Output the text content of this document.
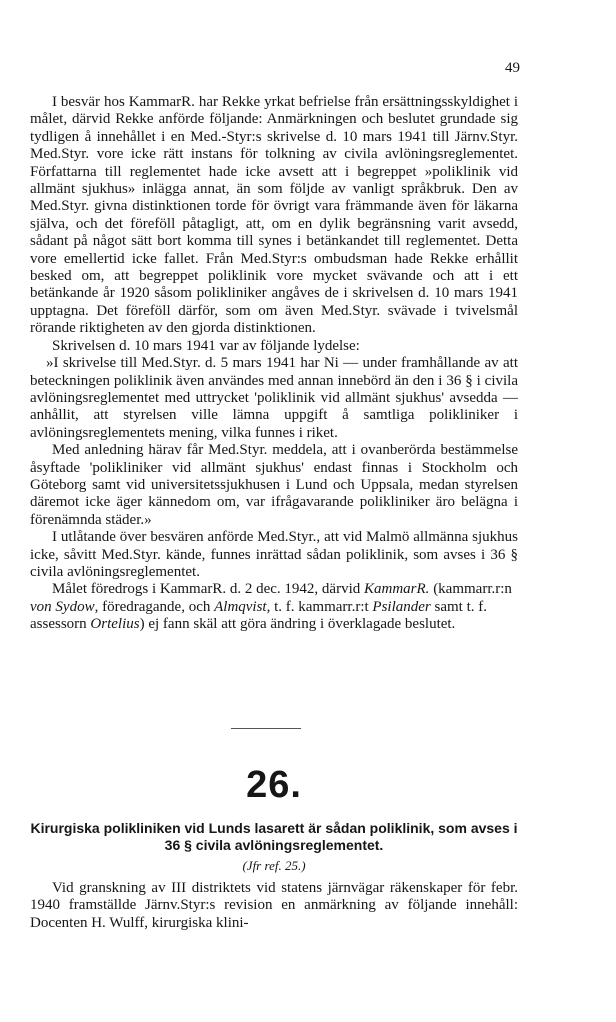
49

I besvär hos KammarR. har Rekke yrkat befrielse från ersättningsskyldighet i målet, därvid Rekke anförde följande: Anmärkningen och beslutet grundade sig tydligen å innehållet i en Med.-Styr:s skrivelse d. 10 mars 1941 till Järnv.Styr. Med.Styr. vore icke rätt instans för tolkning av civila avlöningsreglementet. Författarna till reglementet hade icke avsett att i begreppet »poliklinik vid allmänt sjukhus» inlägga annat, än som följde av vanligt språkbruk. Den av Med.Styr. givna distinktionen torde för övrigt vara främmande även för läkarna själva, och det föreföll påtagligt, att, om en dylik begränsning varit avsedd, sådant på något sätt bort komma till synes i betänkandet till reglementet. Detta vore emellertid icke fallet. Från Med.Styr:s ombudsman hade Rekke erhållit besked om, att begreppet poliklinik vore mycket svävande och att i ett betänkande år 1920 såsom polikliniker angåves de i skrivelsen d. 10 mars 1941 upptagna. Det föreföll därför, som om även Med.Styr. svävade i tvivelsmål rörande riktigheten av den gjorda distinktionen.

Skrivelsen d. 10 mars 1941 var av följande lydelse:

»I skrivelse till Med.Styr. d. 5 mars 1941 har Ni — under framhållande av att beteckningen poliklinik även användes med annan innebörd än den i 36 § i civila avlöningsreglementet med uttrycket 'poliklinik vid allmänt sjukhus' avsedda — anhållit, att styrelsen ville lämna uppgift å samtliga polikliniker i avlöningsreglementets mening, vilka funnes i riket.

Med anledning härav får Med.Styr. meddela, att i ovanberörda bestämmelse åsyftade 'polikliniker vid allmänt sjukhus' endast finnas i Stockholm och Göteborg samt vid universitetssjukhusen i Lund och Uppsala, medan styrelsen däremot icke äger kännedom om, var ifrågavarande polikliniker äro belägna i förenämnda städer.»

I utlåtande över besvären anförde Med.Styr., att vid Malmö allmänna sjukhus icke, såvitt Med.Styr. kände, funnes inrättad sådan poliklinik, som avses i 36 § civila avlöningsreglementet.

Målet föredrogs i KammarR. d. 2 dec. 1942, därvid KammarR. (kammarr.r:n von Sydow, föredragande, och Almqvist, t. f. kammarr.r:t Psilander samt t. f. assessorn Ortelius) ej fann skäl att göra ändring i överklagade beslutet.

26.
Kirurgiska polikliniken vid Lunds lasarett är sådan poliklinik, som avses i 36 § civila avlöningsreglementet.
(Jfr ref. 25.)

Vid granskning av III distriktets vid statens järnvägar räkenskaper för febr. 1940 framställde Järnv.Styr:s revision en anmärkning av följande innehåll: Docenten H. Wulff, kirurgiska klini-
